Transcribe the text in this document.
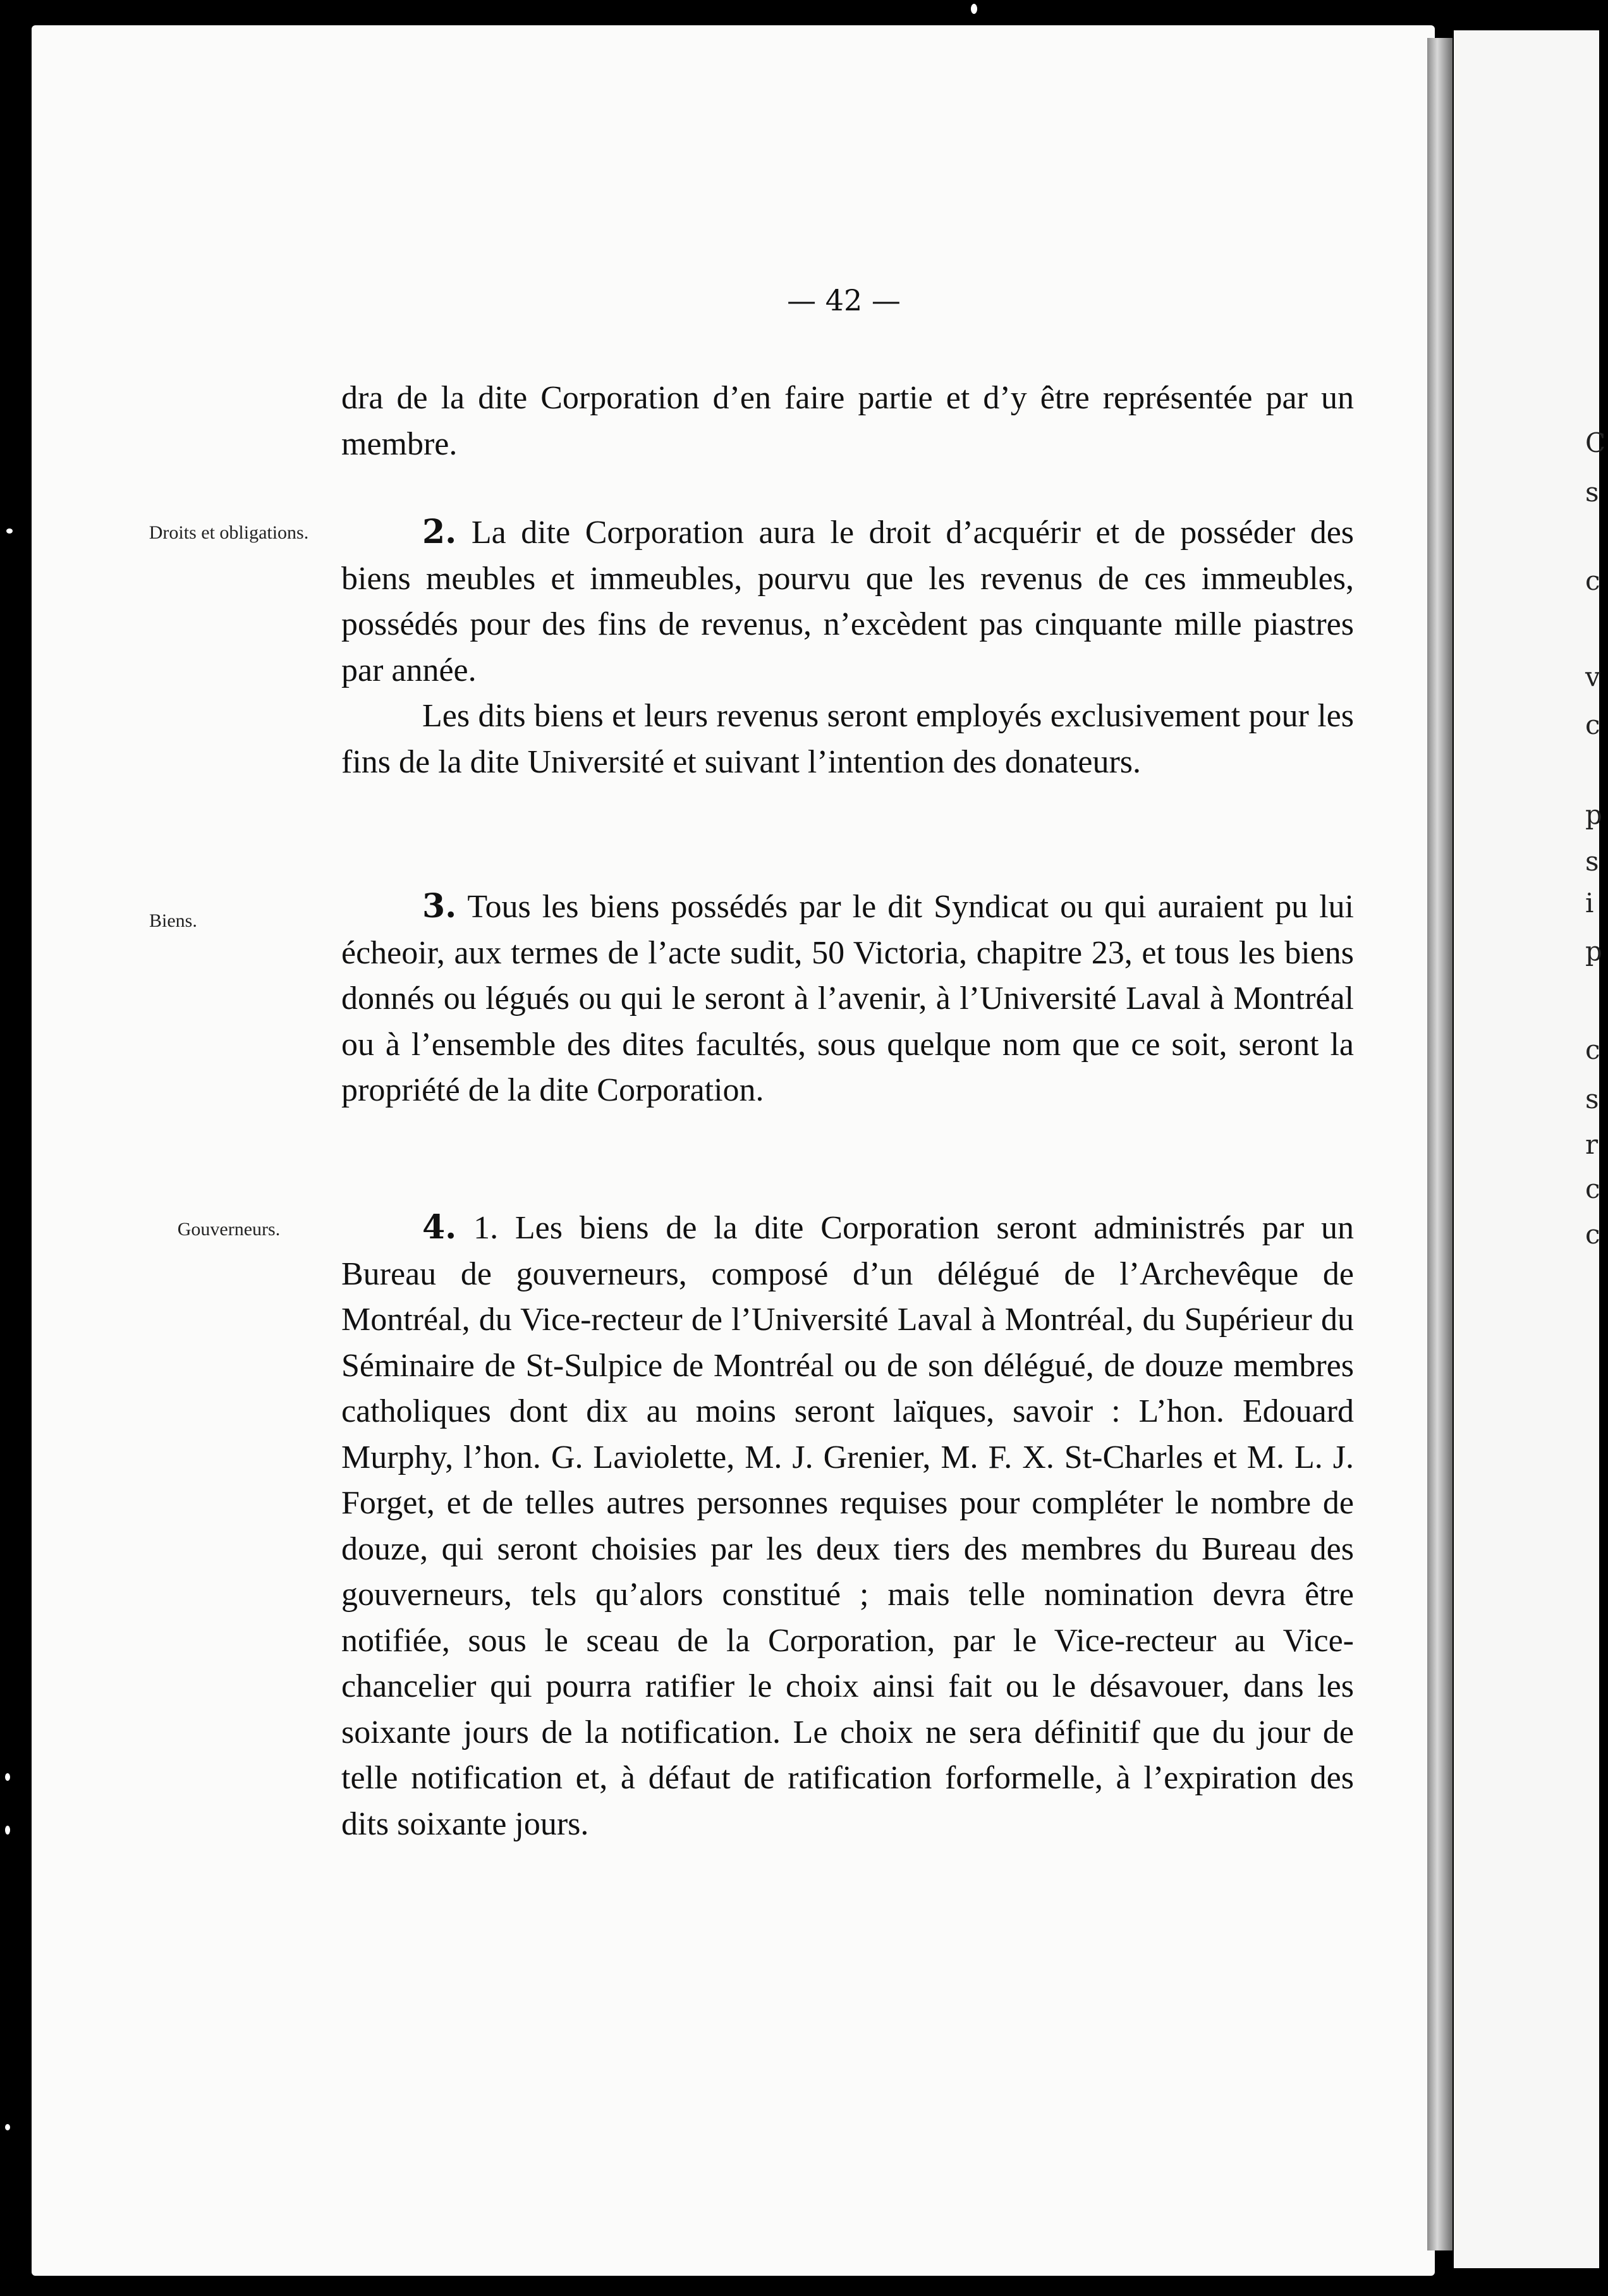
C
s
c
v
c
p
s
i
p
c
s
r
c
c
— 42 —
Droits et obligations.
Biens.
Gouverneurs.

dra de la dite Corporation d’en faire partie et d’y être représentée par un membre.

2. La dite Corporation aura le droit d’acquérir et de posséder des biens meubles et immeubles, pourvu que les revenus de ces immeubles, possédés pour des fins de revenus, n’excèdent pas cinquante mille piastres par année.

Les dits biens et leurs revenus seront employés exclusivement pour les fins de la dite Université et suivant l’intention des donateurs.

3. Tous les biens possédés par le dit Syndicat ou qui auraient pu lui écheoir, aux termes de l’acte sudit, 50 Victoria, chapitre 23, et tous les biens donnés ou légués ou qui le seront à l’avenir, à l’Université Laval à Montréal ou à l’ensemble des dites facultés, sous quelque nom que ce soit, seront la propriété de la dite Corporation.

4. 1. Les biens de la dite Corporation seront administrés par un Bureau de gouverneurs, composé d’un délégué de l’Archevêque de Montréal, du Vice-recteur de l’Université Laval à Montréal, du Supérieur du Séminaire de St-Sulpice de Montréal ou de son délégué, de douze membres catholiques dont dix au moins seront laïques, savoir : L’hon. Edouard Murphy, l’hon. G. Laviolette, M. J. Grenier, M. F. X. St-Charles et M. L. J. Forget, et de telles autres personnes requises pour compléter le nombre de douze, qui seront choisies par les deux tiers des membres du Bureau des gouverneurs, tels qu’alors constitué ; mais telle nomination devra être notifiée, sous le sceau de la Corporation, par le Vice-recteur au Vice-chancelier qui pourra ratifier le choix ainsi fait ou le désavouer, dans les soixante jours de la notification. Le choix ne sera définitif que du jour de telle notification et, à défaut de ratification forformelle, à l’expiration des dits soixante jours.
